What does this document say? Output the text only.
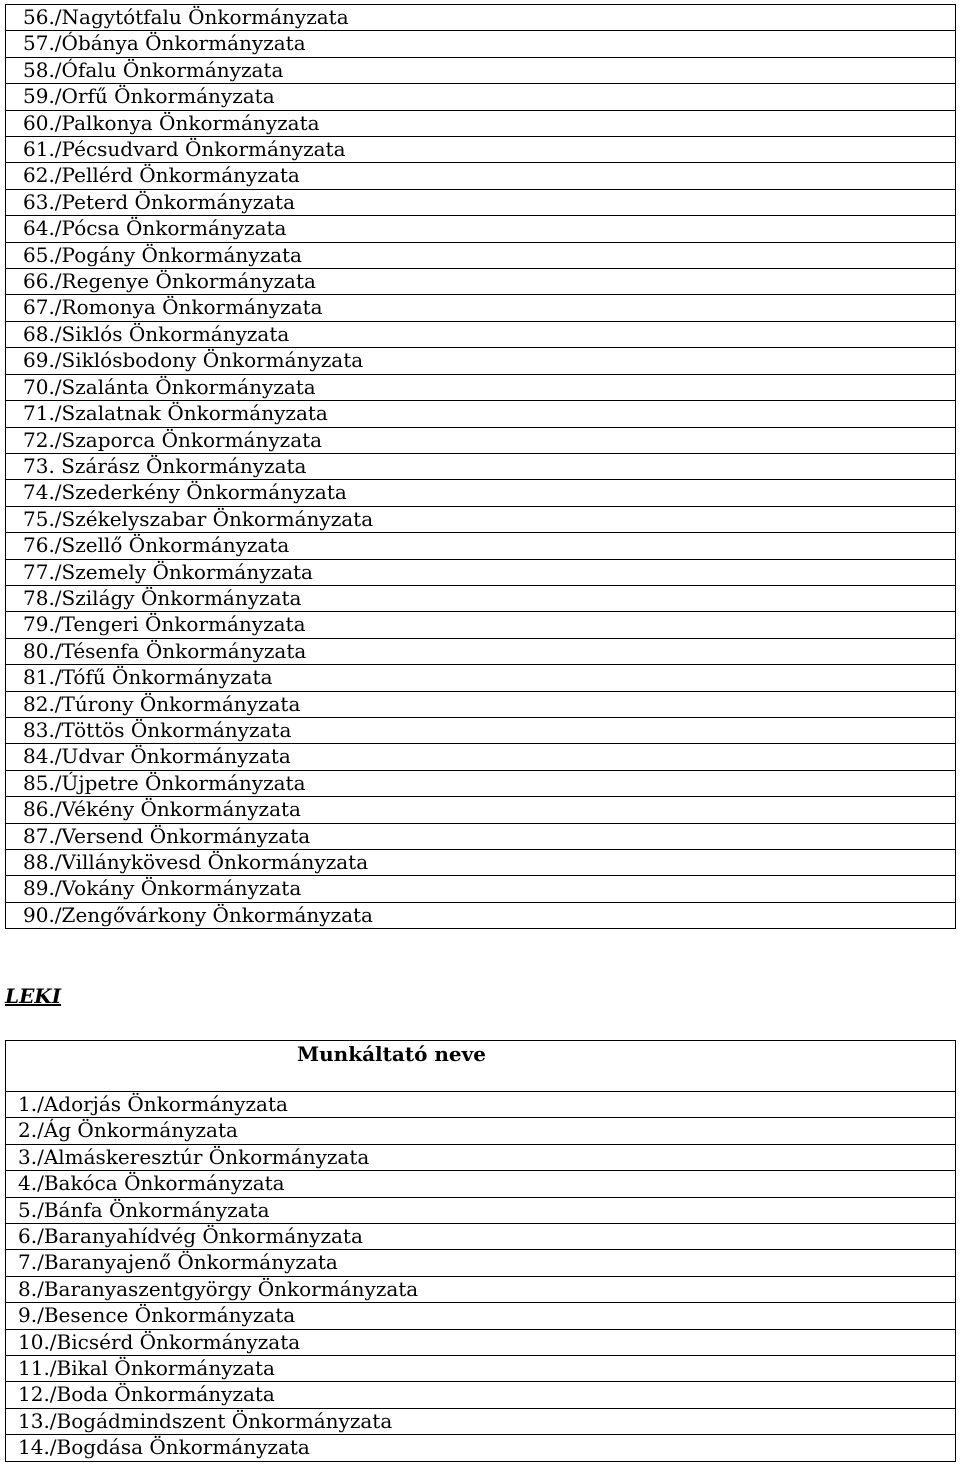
56./Nagytótfalu Önkormányzata
57./Óbánya Önkormányzata
58./Ófalu Önkormányzata
59./Orfű Önkormányzata
60./Palkonya Önkormányzata
61./Pécsudvard Önkormányzata
62./Pellérd Önkormányzata
63./Peterd Önkormányzata
64./Pócsa Önkormányzata
65./Pogány Önkormányzata
66./Regenye Önkormányzata
67./Romonya Önkormányzata
68./Siklós Önkormányzata
69./Siklósbodony Önkormányzata
70./Szalánta Önkormányzata
71./Szalatnak Önkormányzata
72./Szaporca Önkormányzata
73. Szárász Önkormányzata
74./Szederkény Önkormányzata
75./Székelyszabar Önkormányzata
76./Szellő Önkormányzata
77./Szemely Önkormányzata
78./Szilágy Önkormányzata
79./Tengeri Önkormányzata
80./Tésenfa Önkormányzata
81./Tófű Önkormányzata
82./Túrony Önkormányzata
83./Töttös Önkormányzata
84./Udvar Önkormányzata
85./Újpetre Önkormányzata
86./Vékény Önkormányzata
87./Versend Önkormányzata
88./Villánykövesd Önkormányzata
89./Vokány Önkormányzata
90./Zengővárkony Önkormányzata
LEKI
Munkáltató neve

1./Adorjás Önkormányzata
2./Ág Önkormányzata
3./Almáskeresztúr Önkormányzata
4./Bakóca Önkormányzata
5./Bánfa Önkormányzata
6./Baranyahídvég Önkormányzata
7./Baranyajenő Önkormányzata
8./Baranyaszentgyörgy Önkormányzata
9./Besence Önkormányzata
10./Bicsérd Önkormányzata
11./Bikal Önkormányzata
12./Boda Önkormányzata
13./Bogádmindszent Önkormányzata
14./Bogdása Önkormányzata
